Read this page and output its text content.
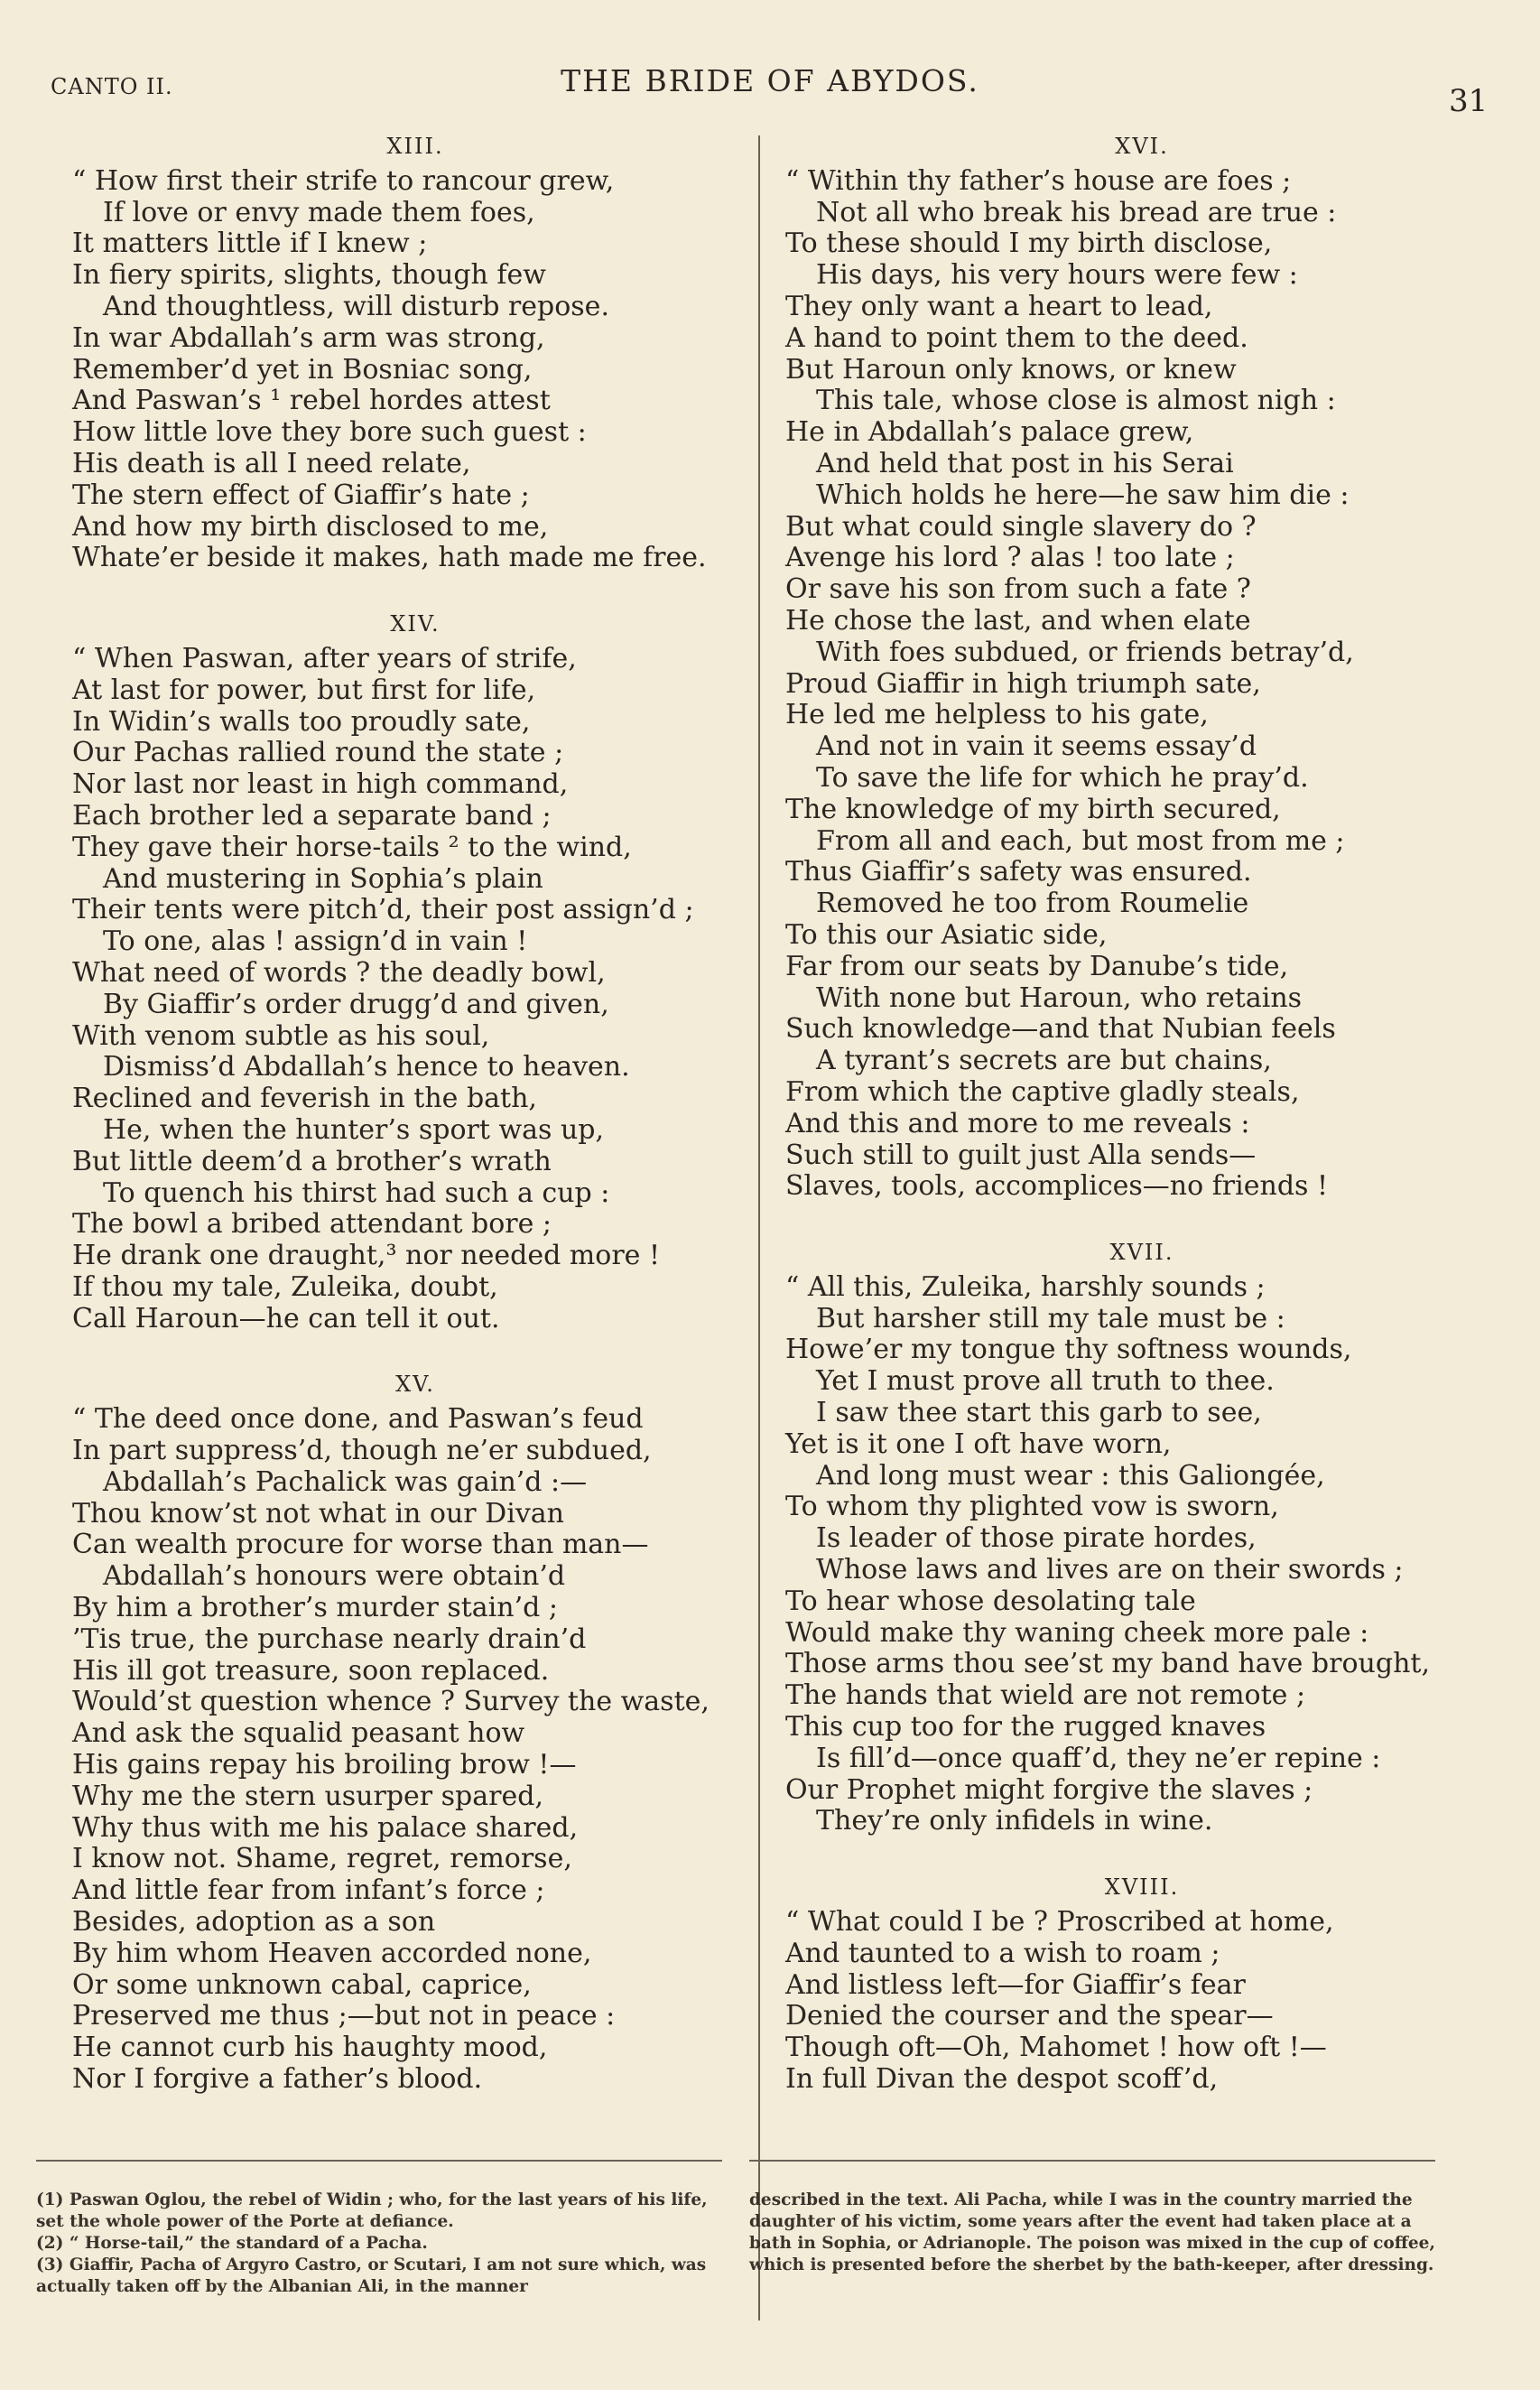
CANTO II.	THE BRIDE OF ABYDOS.
31
XIII.
“ How first their strife to rancour grew,
If love or envy made them foes,
It matters little if I knew ;
In fiery spirits, slights, though few
And thoughtless, will disturb repose.
In war Abdallah’s arm was strong,
Remember’d yet in Bosniac song,
And Paswan’s ¹ rebel hordes attest
How little love they bore such guest :
His death is all I need relate,
The stern effect of Giaffir’s hate ;
And how my birth disclosed to me,
Whate’er beside it makes, hath made me free.
XIV.
“ When Paswan, after years of strife,
At last for power, but first for life,
In Widin’s walls too proudly sate,
Our Pachas rallied round the state ;
Nor last nor least in high command,
Each brother led a separate band ;
They gave their horse-tails ² to the wind,
And mustering in Sophia’s plain
Their tents were pitch’d, their post assign’d ;
To one, alas ! assign’d in vain !
What need of words ? the deadly bowl,
By Giaffir’s order drugg’d and given,
With venom subtle as his soul,
Dismiss’d Abdallah’s hence to heaven.
Reclined and feverish in the bath,
He, when the hunter’s sport was up,
But little deem’d a brother’s wrath
To quench his thirst had such a cup :
The bowl a bribed attendant bore ;
He drank one draught,³ nor needed more !
If thou my tale, Zuleika, doubt,
Call Haroun—he can tell it out.
XV.
“ The deed once done, and Paswan’s feud
In part suppress’d, though ne’er subdued,
Abdallah’s Pachalick was gain’d :—
Thou know’st not what in our Divan
Can wealth procure for worse than man—
Abdallah’s honours were obtain’d
By him a brother’s murder stain’d ;
’Tis true, the purchase nearly drain’d
His ill got treasure, soon replaced.
Would’st question whence ? Survey the waste,
And ask the squalid peasant how
His gains repay his broiling brow !—
Why me the stern usurper spared,
Why thus with me his palace shared,
I know not. Shame, regret, remorse,
And little fear from infant’s force ;
Besides, adoption as a son
By him whom Heaven accorded none,
Or some unknown cabal, caprice,
Preserved me thus ;—but not in peace :
He cannot curb his haughty mood,
Nor I forgive a father’s blood.
XVI.
“ Within thy father’s house are foes ;
Not all who break his bread are true :
To these should I my birth disclose,
His days, his very hours were few :
They only want a heart to lead,
A hand to point them to the deed.
But Haroun only knows, or knew
This tale, whose close is almost nigh :
He in Abdallah’s palace grew,
And held that post in his Serai
Which holds he here—he saw him die :
But what could single slavery do ?
Avenge his lord ? alas ! too late ;
Or save his son from such a fate ?
He chose the last, and when elate
With foes subdued, or friends betray’d,
Proud Giaffir in high triumph sate,
He led me helpless to his gate,
And not in vain it seems essay’d
To save the life for which he pray’d.
The knowledge of my birth secured,
From all and each, but most from me ;
Thus Giaffir’s safety was ensured.
Removed he too from Roumelie
To this our Asiatic side,
Far from our seats by Danube’s tide,
With none but Haroun, who retains
Such knowledge—and that Nubian feels
A tyrant’s secrets are but chains,
From which the captive gladly steals,
And this and more to me reveals :
Such still to guilt just Alla sends—
Slaves, tools, accomplices—no friends !
XVII.
“ All this, Zuleika, harshly sounds ;
But harsher still my tale must be :
Howe’er my tongue thy softness wounds,
Yet I must prove all truth to thee.
I saw thee start this garb to see,
Yet is it one I oft have worn,
And long must wear : this Galiongée,
To whom thy plighted vow is sworn,
Is leader of those pirate hordes,
Whose laws and lives are on their swords ;
To hear whose desolating tale
Would make thy waning cheek more pale :
Those arms thou see’st my band have brought,
The hands that wield are not remote ;
This cup too for the rugged knaves
Is fill’d—once quaff’d, they ne’er repine :
Our Prophet might forgive the slaves ;
They’re only infidels in wine.
XVIII.
“ What could I be ? Proscribed at home,
And taunted to a wish to roam ;
And listless left—for Giaffir’s fear
Denied the courser and the spear—
Though oft—Oh, Mahomet ! how oft !—
In full Divan the despot scoff’d,

(1) Paswan Oglou, the rebel of Widin ; who, for the last years of his life, set the whole power of the Porte at defiance.

(2) “ Horse-tail,” the standard of a Pacha.

(3) Giaffir, Pacha of Argyro Castro, or Scutari, I am not sure which, was actually taken off by the Albanian Ali, in the manner

described in the text. Ali Pacha, while I was in the country married the daughter of his victim, some years after the event had taken place at a bath in Sophia, or Adrianople. The poison was mixed in the cup of coffee, which is presented before the sherbet by the bath-keeper, after dressing.
